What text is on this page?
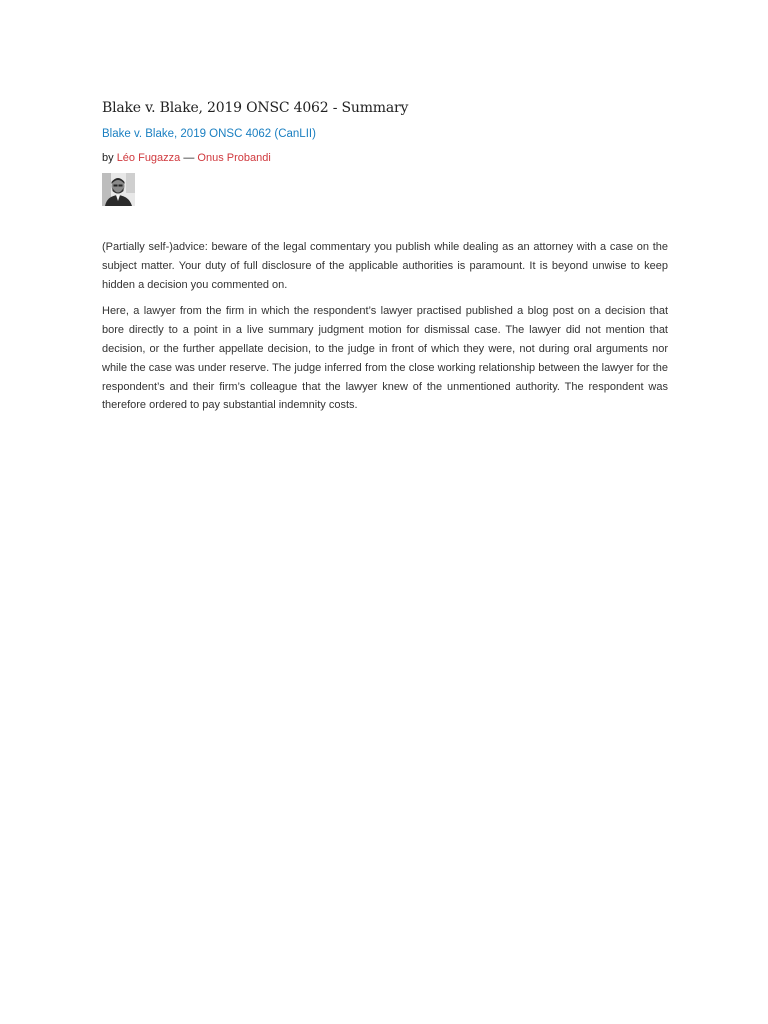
Blake v. Blake, 2019 ONSC 4062 - Summary
Blake v. Blake, 2019 ONSC 4062 (CanLII)
by Léo Fugazza — Onus Probandi

(Partially self-)advice: beware of the legal commentary you publish while dealing as an attorney with a case on the subject matter. Your duty of full disclosure of the applicable authorities is paramount. It is beyond unwise to keep hidden a decision you commented on.

Here, a lawyer from the firm in which the respondent’s lawyer practised published a blog post on a decision that bore directly to a point in a live summary judgment motion for dismissal case. The lawyer did not mention that decision, or the further appellate decision, to the judge in front of which they were, not during oral arguments nor while the case was under reserve. The judge inferred from the close working relationship between the lawyer for the respondent’s and their firm’s colleague that the lawyer knew of the unmentioned authority. The respondent was therefore ordered to pay substantial indemnity costs.
